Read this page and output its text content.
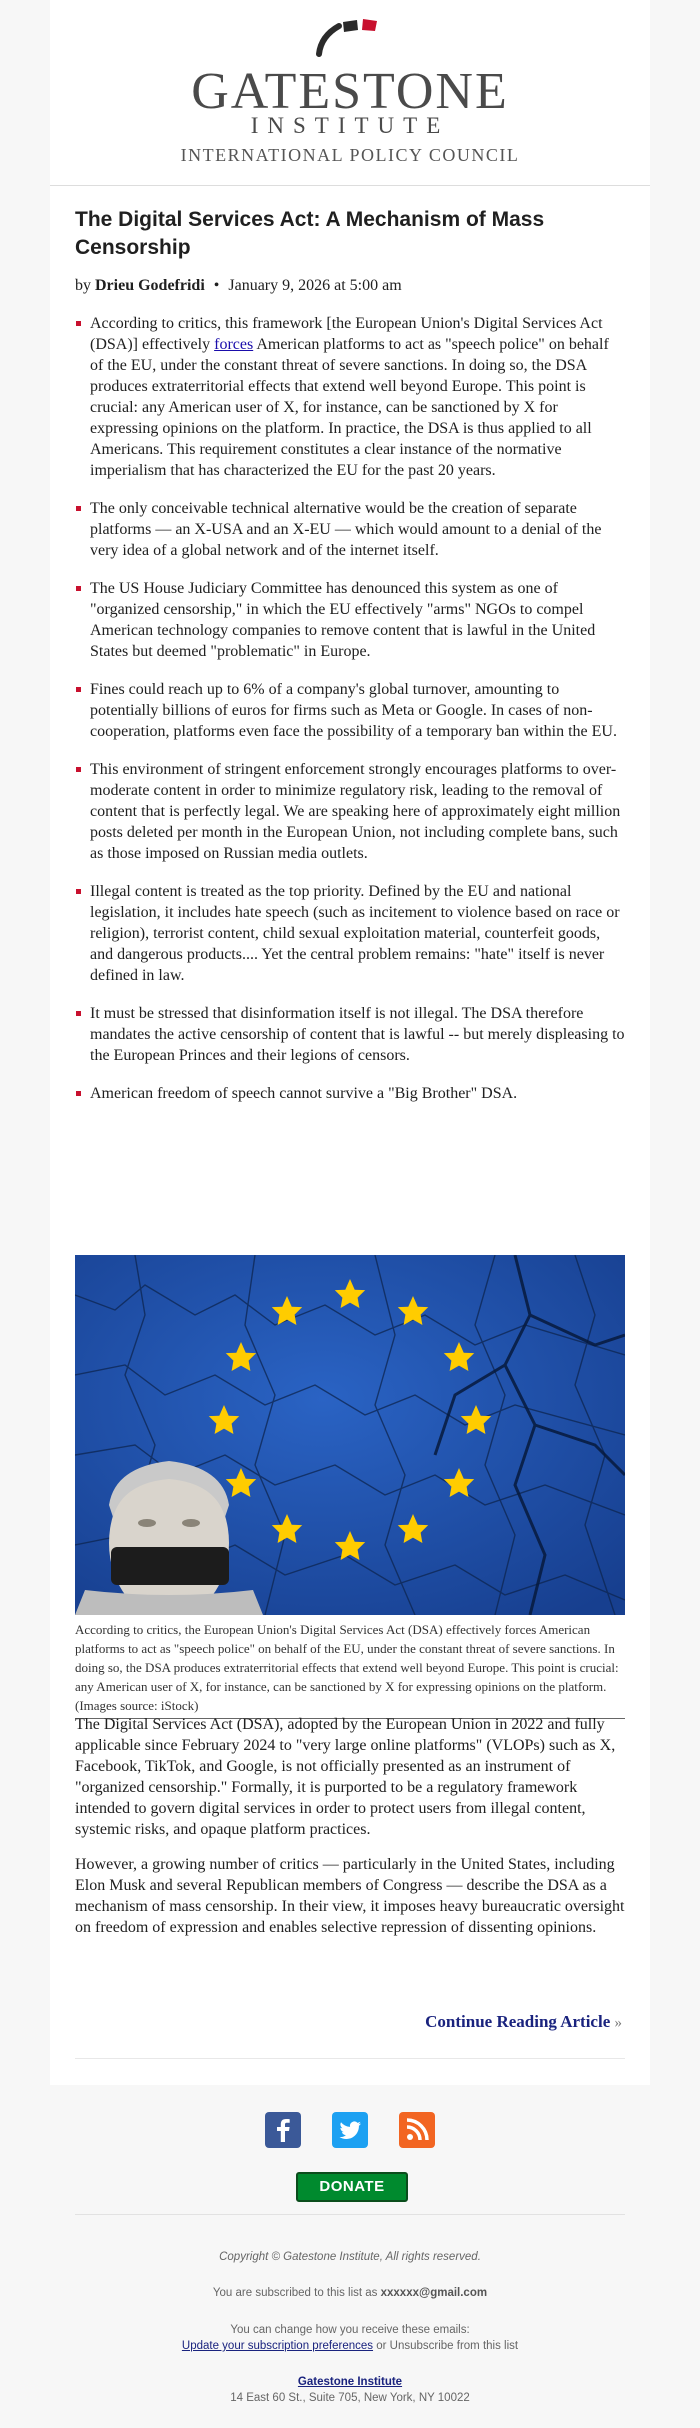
GATESTONE
INSTITUTE
INTERNATIONAL POLICY COUNCIL
The Digital Services Act: A Mechanism of Mass Censorship
by Drieu Godefridi • January 9, 2026 at 5:00 am
According to critics, this framework [the European Union's Digital Services Act (DSA)] effectively forces American platforms to act as "speech police" on behalf of the EU, under the constant threat of severe sanctions. In doing so, the DSA produces extraterritorial effects that extend well beyond Europe. This point is crucial: any American user of X, for instance, can be sanctioned by X for expressing opinions on the platform. In practice, the DSA is thus applied to all Americans. This requirement constitutes a clear instance of the normative imperialism that has characterized the EU for the past 20 years.
The only conceivable technical alternative would be the creation of separate platforms — an X-USA and an X-EU — which would amount to a denial of the very idea of a global network and of the internet itself.
The US House Judiciary Committee has denounced this system as one of "organized censorship," in which the EU effectively "arms" NGOs to compel American technology companies to remove content that is lawful in the United States but deemed "problematic" in Europe.
Fines could reach up to 6% of a company's global turnover, amounting to potentially billions of euros for firms such as Meta or Google. In cases of non-cooperation, platforms even face the possibility of a temporary ban within the EU.
This environment of stringent enforcement strongly encourages platforms to over-moderate content in order to minimize regulatory risk, leading to the removal of content that is perfectly legal. We are speaking here of approximately eight million posts deleted per month in the European Union, not including complete bans, such as those imposed on Russian media outlets.
Illegal content is treated as the top priority. Defined by the EU and national legislation, it includes hate speech (such as incitement to violence based on race or religion), terrorist content, child sexual exploitation material, counterfeit goods, and dangerous products.... Yet the central problem remains: "hate" itself is never defined in law.
It must be stressed that disinformation itself is not illegal. The DSA therefore mandates the active censorship of content that is lawful -- but merely displeasing to the European Princes and their legions of censors.
American freedom of speech cannot survive a "Big Brother" DSA.
According to critics, the European Union's Digital Services Act (DSA) effectively forces American platforms to act as "speech police" on behalf of the EU, under the constant threat of severe sanctions. In doing so, the DSA produces extraterritorial effects that extend well beyond Europe. This point is crucial: any American user of X, for instance, can be sanctioned by X for expressing opinions on the platform. (Images source: iStock)

The Digital Services Act (DSA), adopted by the European Union in 2022 and fully applicable since February 2024 to "very large online platforms" (VLOPs) such as X, Facebook, TikTok, and Google, is not officially presented as an instrument of "organized censorship." Formally, it is purported to be a regulatory framework intended to govern digital services in order to protect users from illegal content, systemic risks, and opaque platform practices.

However, a growing number of critics — particularly in the United States, including Elon Musk and several Republican members of Congress — describe the DSA as a mechanism of mass censorship. In their view, it imposes heavy bureaucratic oversight on freedom of expression and enables selective repression of dissenting opinions.

Continue Reading Article »
DONATE
Copyright © Gatestone Institute, All rights reserved.
You are subscribed to this list as xxxxxx@gmail.com
You can change how you receive these emails:
Update your subscription preferences or Unsubscribe from this list
Gatestone Institute
14 East 60 St., Suite 705, New York, NY 10022
